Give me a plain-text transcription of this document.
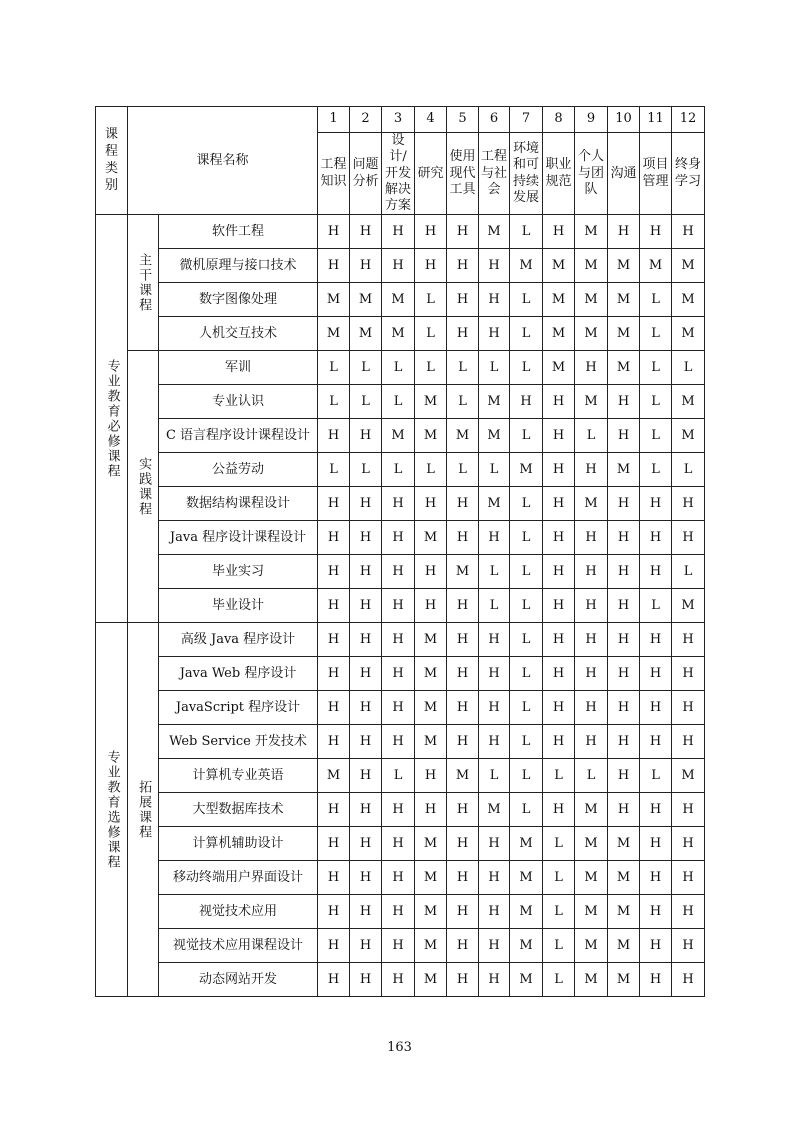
课程类别	课程名称		1	2	3	4	5	6	7	8	9	10	11	12
			工程知识	问题分析	设计/开发解决方案	研究	使用现代工具	工程与社会	环境和可持续发展	职业规范	个人与团队	沟通	项目管理	终身学习
专业教育必修课程	主干课程	软件工程	H	H	H	H	H	M	L	H	M	H	H	H
		微机原理与接口技术	H	H	H	H	H	H	M	M	M	M	M	M
		数字图像处理	M	M	M	L	H	H	L	M	M	M	L	M
		人机交互技术	M	M	M	L	H	H	L	M	M	M	L	M
	实践课程	军训	L	L	L	L	L	L	L	M	H	M	L	L
		专业认识	L	L	L	M	L	M	H	H	M	H	L	M
		C 语言程序设计课程设计	H	H	M	M	M	M	L	H	L	H	L	M
		公益劳动	L	L	L	L	L	L	M	H	H	M	L	L
		数据结构课程设计	H	H	H	H	H	M	L	H	M	H	H	H
		Java 程序设计课程设计	H	H	H	M	H	H	L	H	H	H	H	H
		毕业实习	H	H	H	H	M	L	L	H	H	H	H	L
		毕业设计	H	H	H	H	H	L	L	H	H	H	L	M
专业教育选修课程	拓展课程	高级 Java 程序设计	H	H	H	M	H	H	L	H	H	H	H	H
		Java Web 程序设计	H	H	H	M	H	H	L	H	H	H	H	H
		JavaScript 程序设计	H	H	H	M	H	H	L	H	H	H	H	H
		Web Service 开发技术	H	H	H	M	H	H	L	H	H	H	H	H
		计算机专业英语	M	H	L	H	M	L	L	L	L	H	L	M
		大型数据库技术	H	H	H	H	H	M	L	H	M	H	H	H
		计算机辅助设计	H	H	H	M	H	H	M	L	M	M	H	H
		移动终端用户界面设计	H	H	H	M	H	H	M	L	M	M	H	H
		视觉技术应用	H	H	H	M	H	H	M	L	M	M	H	H
		视觉技术应用课程设计	H	H	H	M	H	H	M	L	M	M	H	H
		动态网站开发	H	H	H	M	H	H	M	L	M	M	H	H
163
